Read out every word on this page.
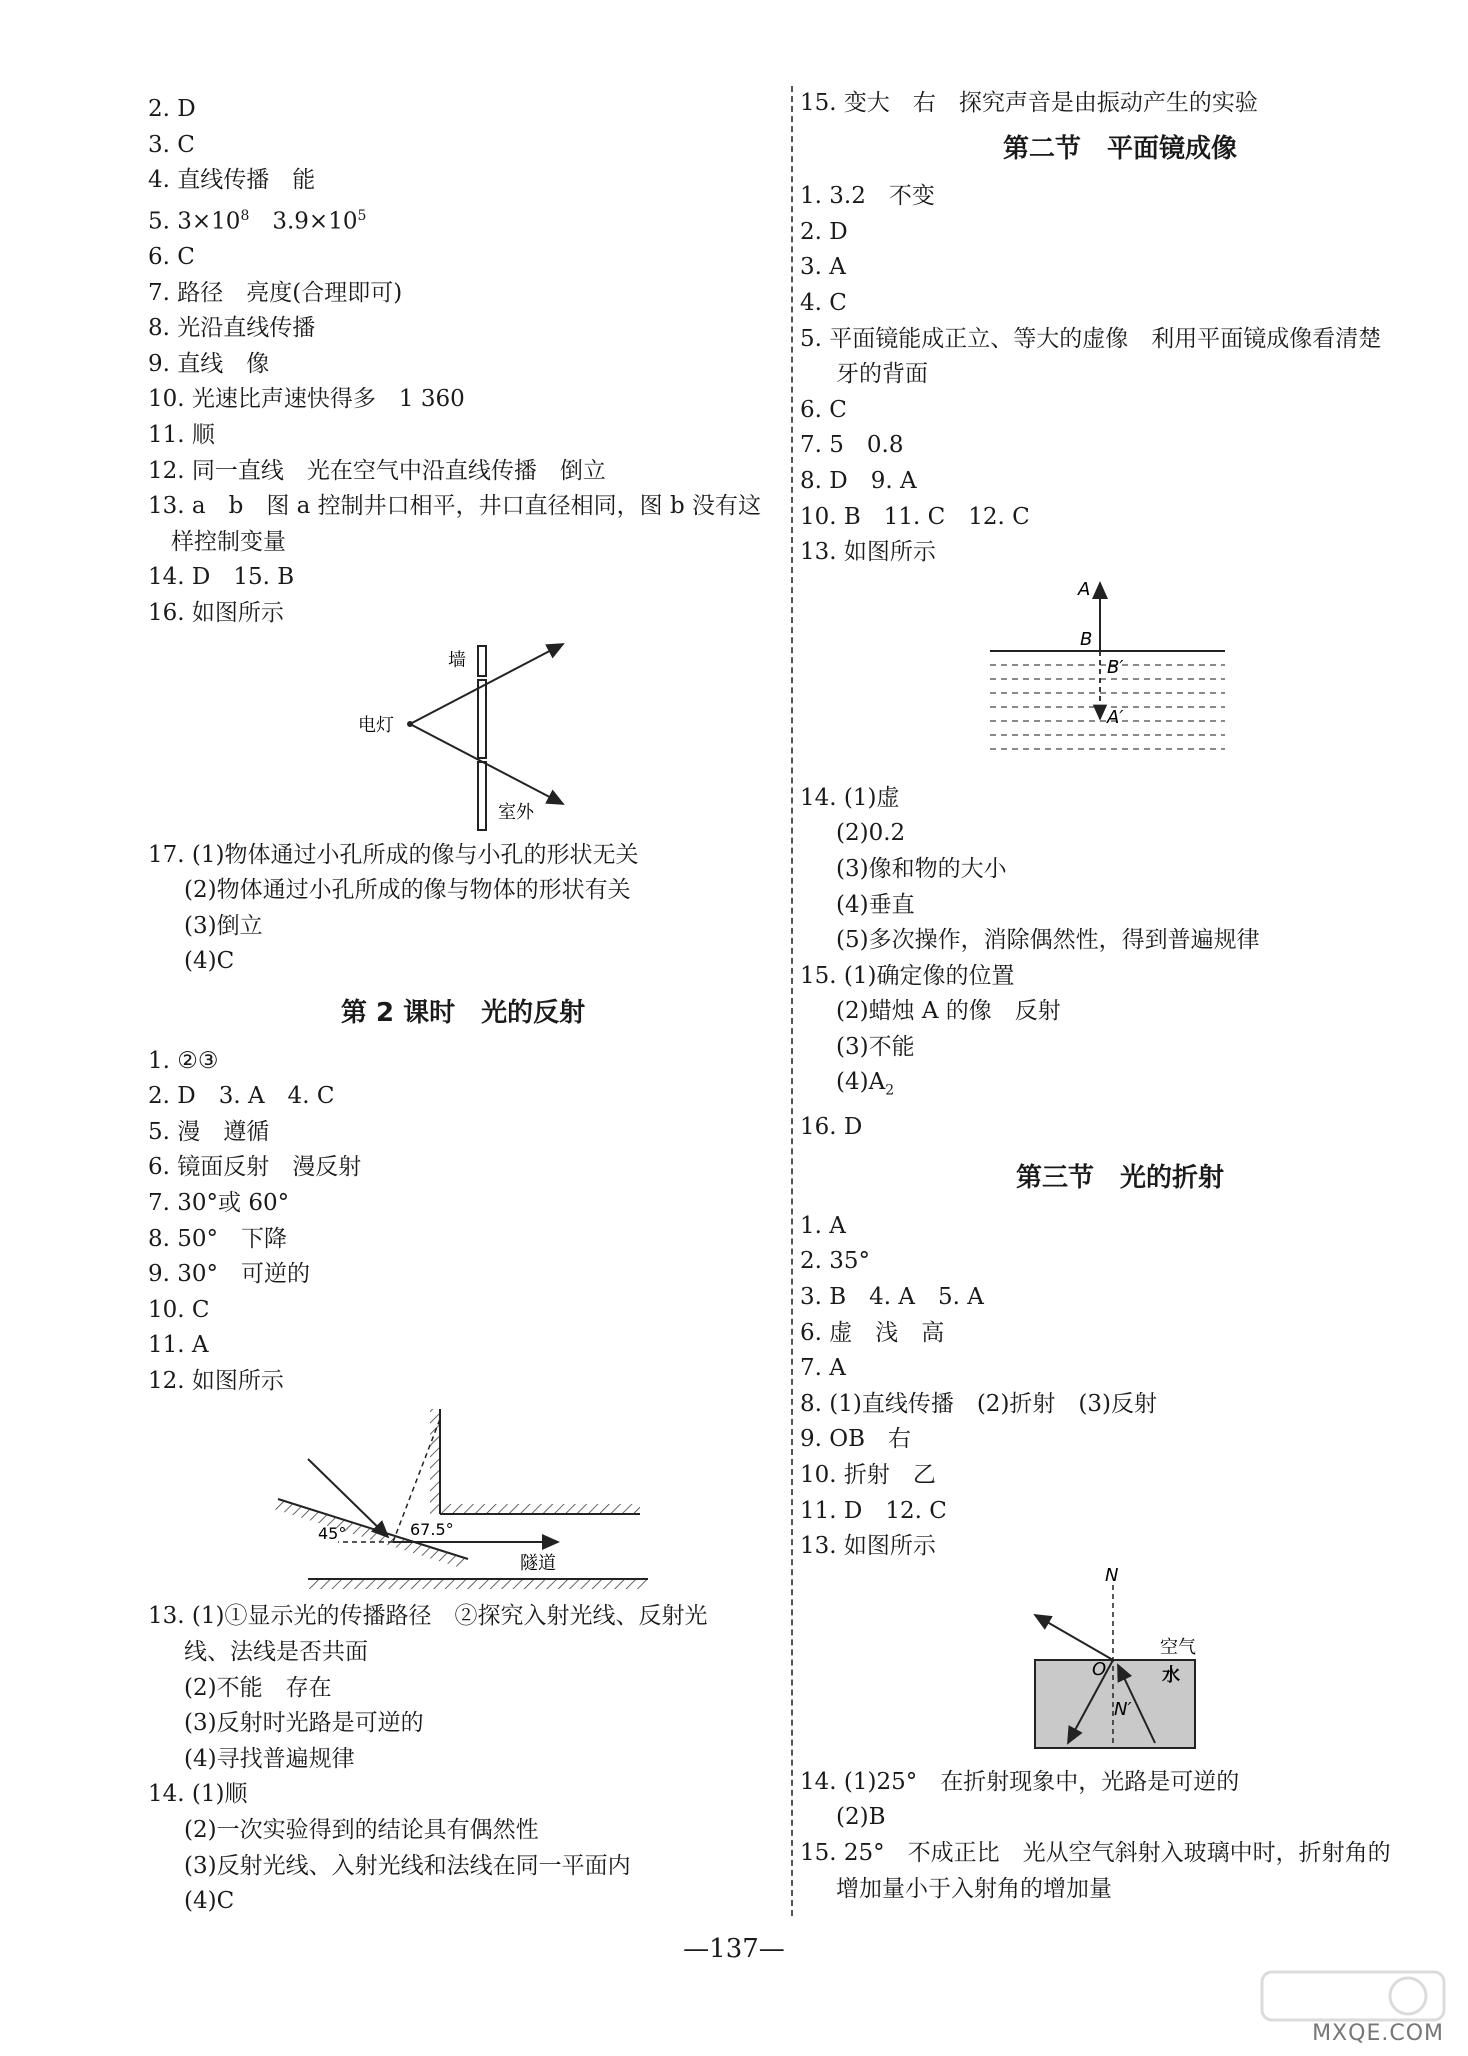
2. D
3. C
4. 直线传播　能
5. $3\times 10^8$　$3.9\times 10^5$
6. C
7. 路径　亮度(合理即可)
8. 光沿直线传播
9. 直线　像
10. 光速比声速快得多　1 360
11. 顺
12. 同一直线　光在空气中沿直线传播　倒立
13. a　b　图 a 控制井口相平，井口直径相同，图 b 没有这
　样控制变量
14. D　15. B
16. 如图所示
墙
电灯
室外
17. (1)物体通过小孔所成的像与小孔的形状无关
(2)物体通过小孔所成的像与物体的形状有关
(3)倒立
(4)C
第 2 课时　光的反射
1. ②③
2. D　3. A　4. C
5. 漫　遵循
6. 镜面反射　漫反射
7. 30°或 60°
8. 50°　下降
9. 30°　可逆的
10. C
11. A
12. 如图所示
45°	67.5°
隧道
13. (1)①显示光的传播路径　②探究入射光线、反射光
线、法线是否共面
(2)不能　存在
(3)反射时光路是可逆的
(4)寻找普遍规律
14. (1)顺
(2)一次实验得到的结论具有偶然性
(3)反射光线、入射光线和法线在同一平面内
(4)C
15. 变大　右　探究声音是由振动产生的实验
第二节　平面镜成像
1. 3.2　不变
2. D
3. A
4. C
5. 平面镜能成正立、等大的虚像　利用平面镜成像看清楚
牙的背面
6. C
7. 5　0.8
8. D　9. A
10. B　11. C　12. C
13. 如图所示
A
B
B′
A′
14. (1)虚
(2)0.2
(3)像和物的大小
(4)垂直
(5)多次操作，消除偶然性，得到普遍规律
15. (1)确定像的位置
(2)蜡烛 A 的像　反射
(3)不能
$(4)A_2$
16. D
第三节　光的折射
1. A
2. 35°
3. B　4. A　5. A
6. 虚　浅　高
7. A
8. (1)直线传播　(2)折射　(3)反射
9. OB　右
10. 折射　乙
11. D　12. C
13. 如图所示
N
空气
O	水
N′
14. (1)25°　在折射现象中，光路是可逆的
(2)B
15. 25°　不成正比　光从空气斜射入玻璃中时，折射角的
增加量小于入射角的增加量
—137—
MXQE.COM
